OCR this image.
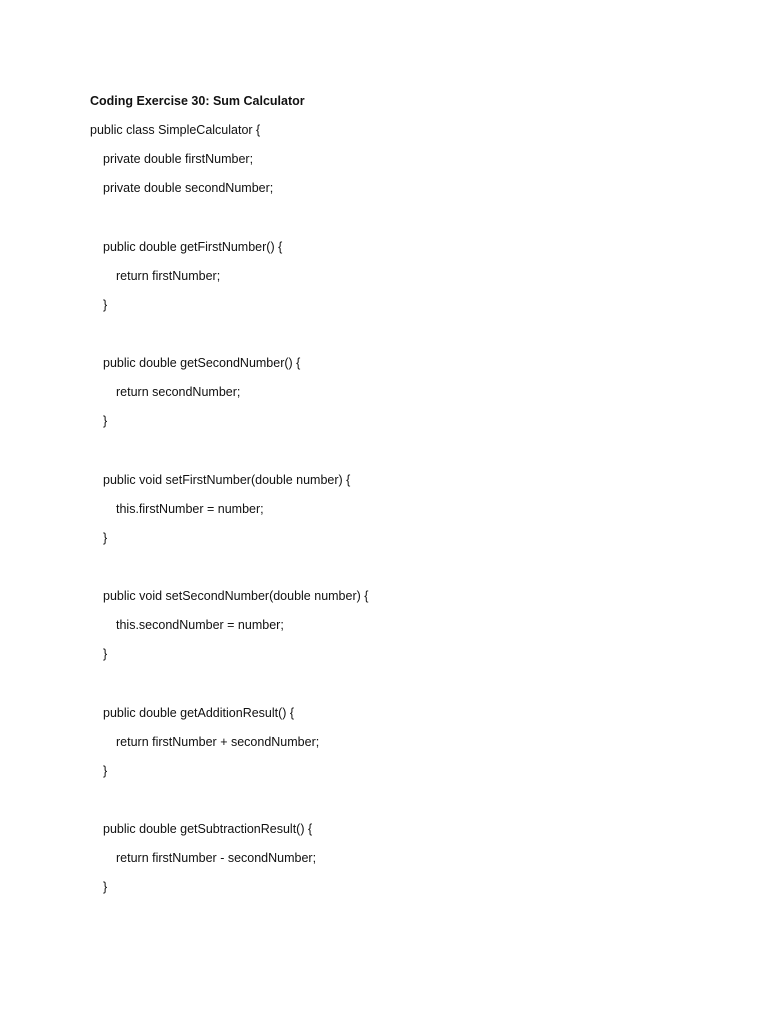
Coding Exercise 30: Sum Calculator
public class SimpleCalculator {
private double firstNumber;
private double secondNumber;
public double getFirstNumber() {
return firstNumber;
}
public double getSecondNumber() {
return secondNumber;
}
public void setFirstNumber(double number) {
this.firstNumber = number;
}
public void setSecondNumber(double number) {
this.secondNumber = number;
}
public double getAdditionResult() {
return firstNumber + secondNumber;
}
public double getSubtractionResult() {
return firstNumber - secondNumber;
}
